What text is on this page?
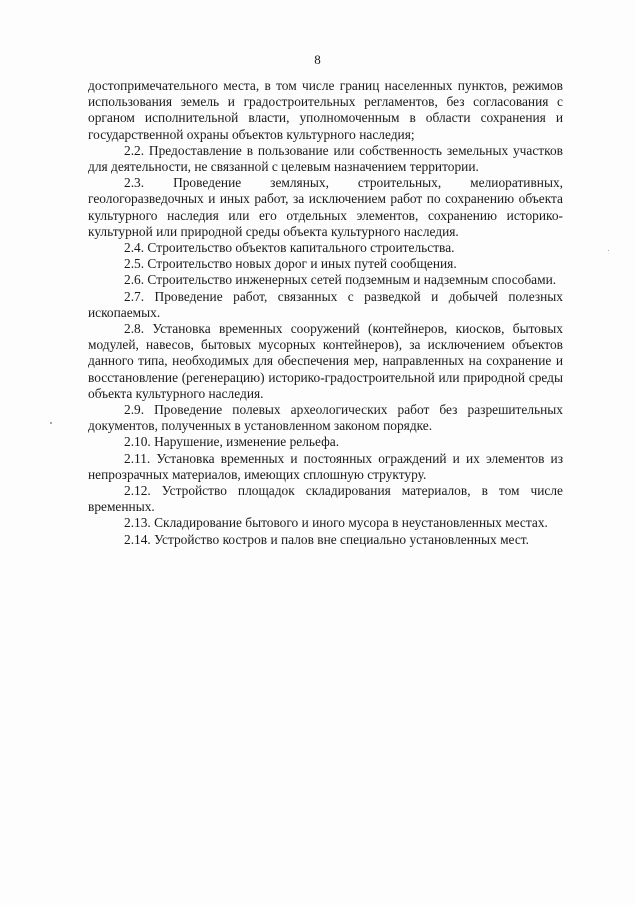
8

достопримечательного места, в том числе границ населенных пунктов, режимов использования земель и градостроительных регламентов, без согласования с органом исполнительной власти, уполномоченным в области сохранения и государственной охраны объектов культурного наследия;

2.2. Предоставление в пользование или собственность земельных участков для деятельности, не связанной с целевым назначением территории.

2.3. Проведение земляных, строительных, мелиоративных, геологоразведочных и иных работ, за исключением работ по сохранению объекта культурного наследия или его отдельных элементов, сохранению историко-культурной или природной среды объекта культурного наследия.

2.4. Строительство объектов капитального строительства.

2.5. Строительство новых дорог и иных путей сообщения.

2.6. Строительство инженерных сетей подземным и надземным способами.

2.7. Проведение работ, связанных с разведкой и добычей полезных ископаемых.

2.8. Установка временных сооружений (контейнеров, киосков, бытовых модулей, навесов, бытовых мусорных контейнеров), за исключением объектов данного типа, необходимых для обеспечения мер, направленных на сохранение и восстановление (регенерацию) историко-градостроительной или природной среды объекта культурного наследия.

2.9. Проведение полевых археологических работ без разрешительных документов, полученных в установленном законом порядке.

2.10. Нарушение, изменение рельефа.

2.11. Установка временных и постоянных ограждений и их элементов из непрозрачных материалов, имеющих сплошную структуру.

2.12. Устройство площадок складирования материалов, в том числе временных.

2.13. Складирование бытового и иного мусора в неустановленных местах.

2.14. Устройство костров и палов вне специально установленных мест.
